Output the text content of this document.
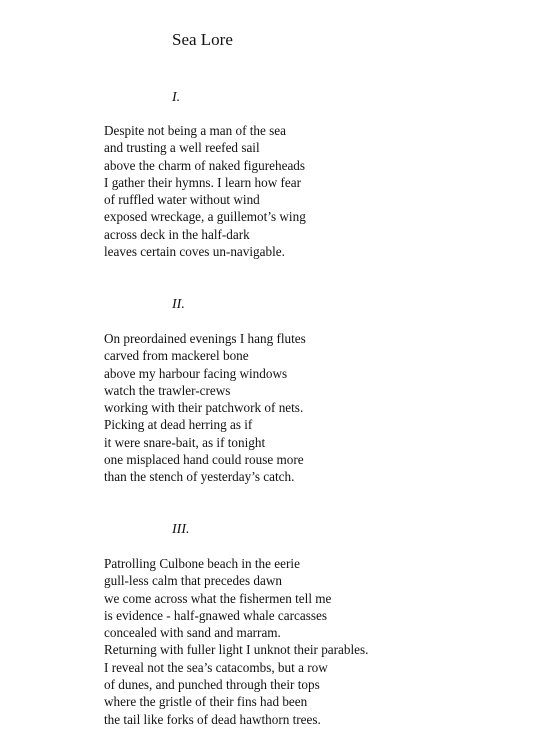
Sea Lore
I.
Despite not being a man of the sea
and trusting a well reefed sail
above the charm of naked figureheads
I gather their hymns. I learn how fear
of ruffled water without wind
exposed wreckage, a guillemot’s wing
across deck in the half-dark
leaves certain coves un-navigable.
II.
On preordained evenings I hang flutes
carved from mackerel bone
above my harbour facing windows
watch the trawler-crews
working with their patchwork of nets.
Picking at dead herring as if
it were snare-bait, as if tonight
one misplaced hand could rouse more
than the stench of yesterday’s catch.
III.
Patrolling Culbone beach in the eerie
gull-less calm that precedes dawn
we come across what the fishermen tell me
is evidence - half-gnawed whale carcasses
concealed with sand and marram.
Returning with fuller light I unknot their parables.
I reveal not the sea’s catacombs, but a row
of dunes, and punched through their tops
where the gristle of their fins had been
the tail like forks of dead hawthorn trees.
